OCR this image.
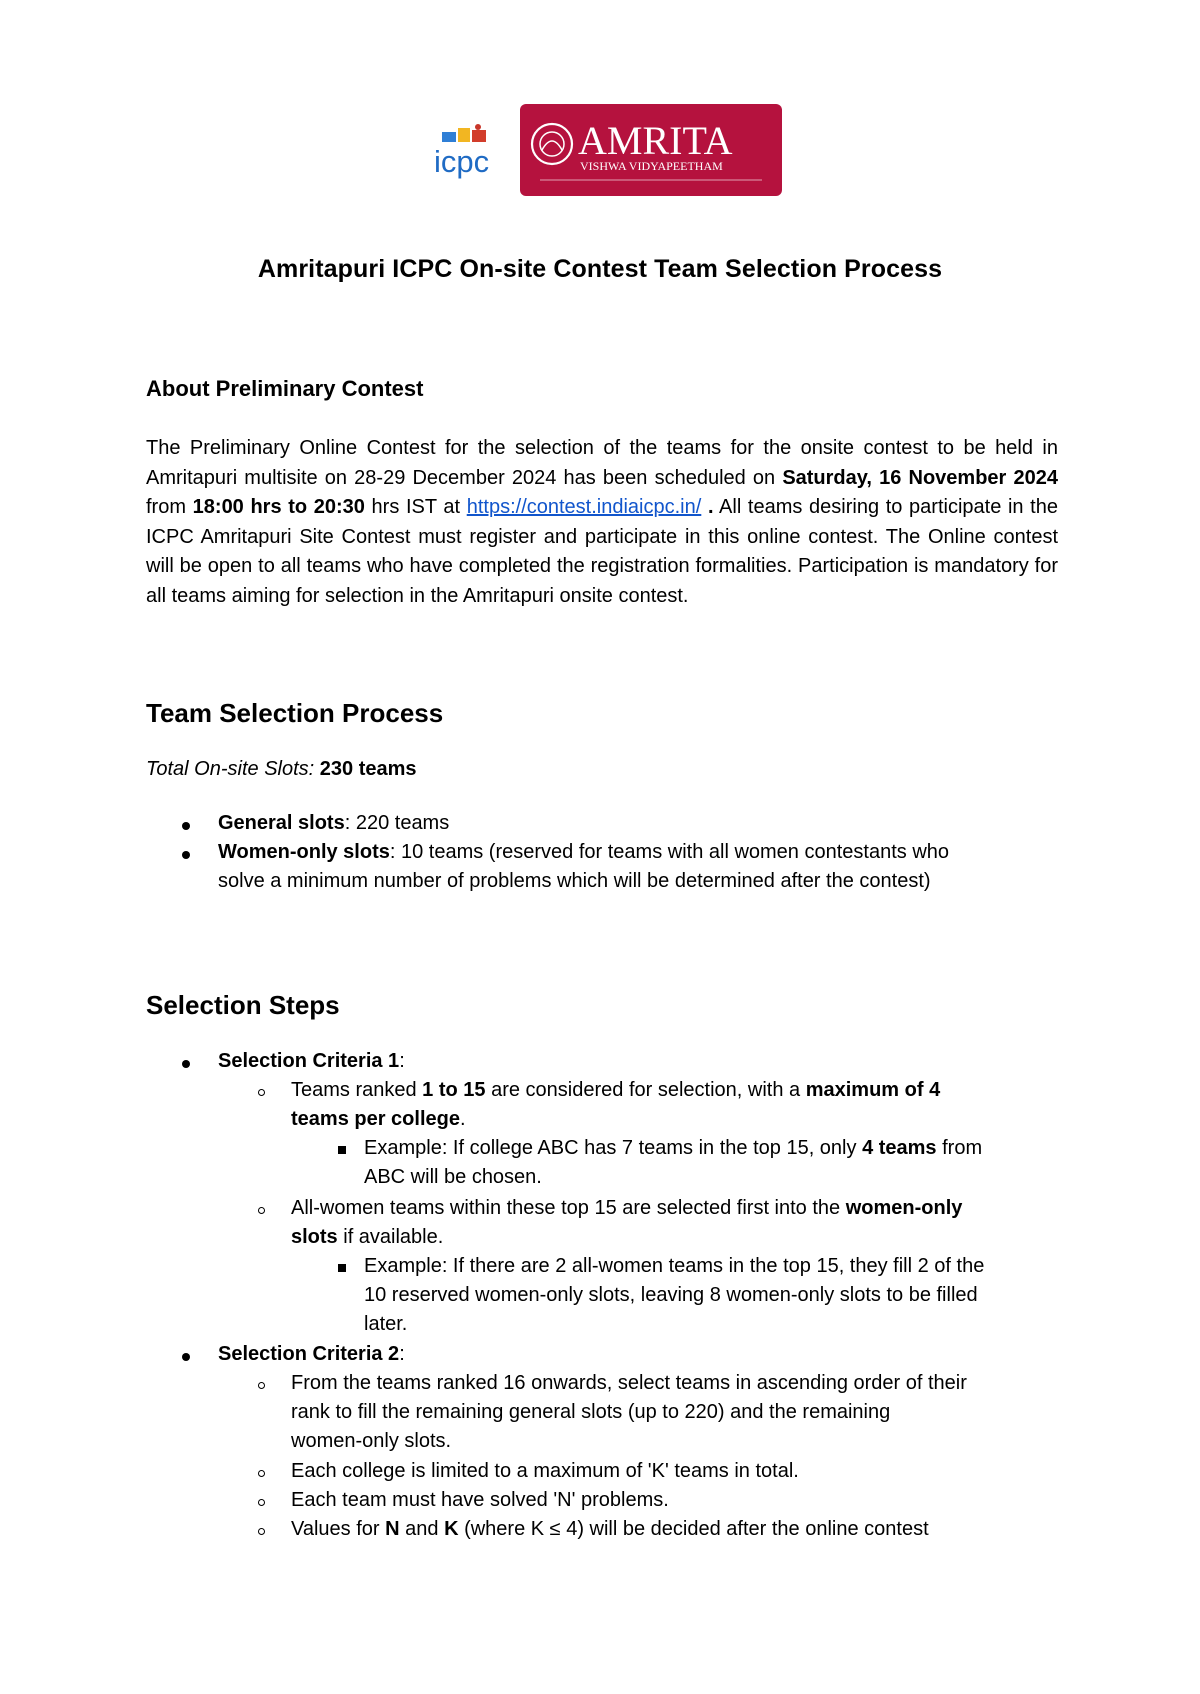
icpc AMRITA
VISHWA VIDYAPEETHAM
Amritapuri ICPC On-site Contest Team Selection Process
About Preliminary Contest
The Preliminary Online Contest for the selection of the teams for the onsite contest to be held in Amritapuri multisite on 28-29 December 2024 has been scheduled on Saturday, 16 November 2024 from 18:00 hrs to 20:30 hrs IST at https://contest.indiaicpc.in/ . All teams desiring to participate in the ICPC Amritapuri Site Contest must register and participate in this online contest. The Online contest will be open to all teams who have completed the registration formalities. Participation is mandatory for all teams aiming for selection in the Amritapuri onsite contest.
Team Selection Process
Total On-site Slots: 230 teams
General slots: 220 teams
Women-only slots: 10 teams (reserved for teams with all women contestants who
solve a minimum number of problems which will be determined after the contest)
Selection Steps
Selection Criteria 1:
Teams ranked 1 to 15 are considered for selection, with a maximum of 4
teams per college.
Example: If college ABC has 7 teams in the top 15, only 4 teams from
ABC will be chosen.
All-women teams within these top 15 are selected first into the women-only
slots if available.
Example: If there are 2 all-women teams in the top 15, they fill 2 of the
10 reserved women-only slots, leaving 8 women-only slots to be filled
later.
Selection Criteria 2:
From the teams ranked 16 onwards, select teams in ascending order of their
rank to fill the remaining general slots (up to 220) and the remaining
women-only slots.
Each college is limited to a maximum of 'K' teams in total.
Each team must have solved 'N' problems.
Values for N and K (where K ≤ 4) will be decided after the online contest
